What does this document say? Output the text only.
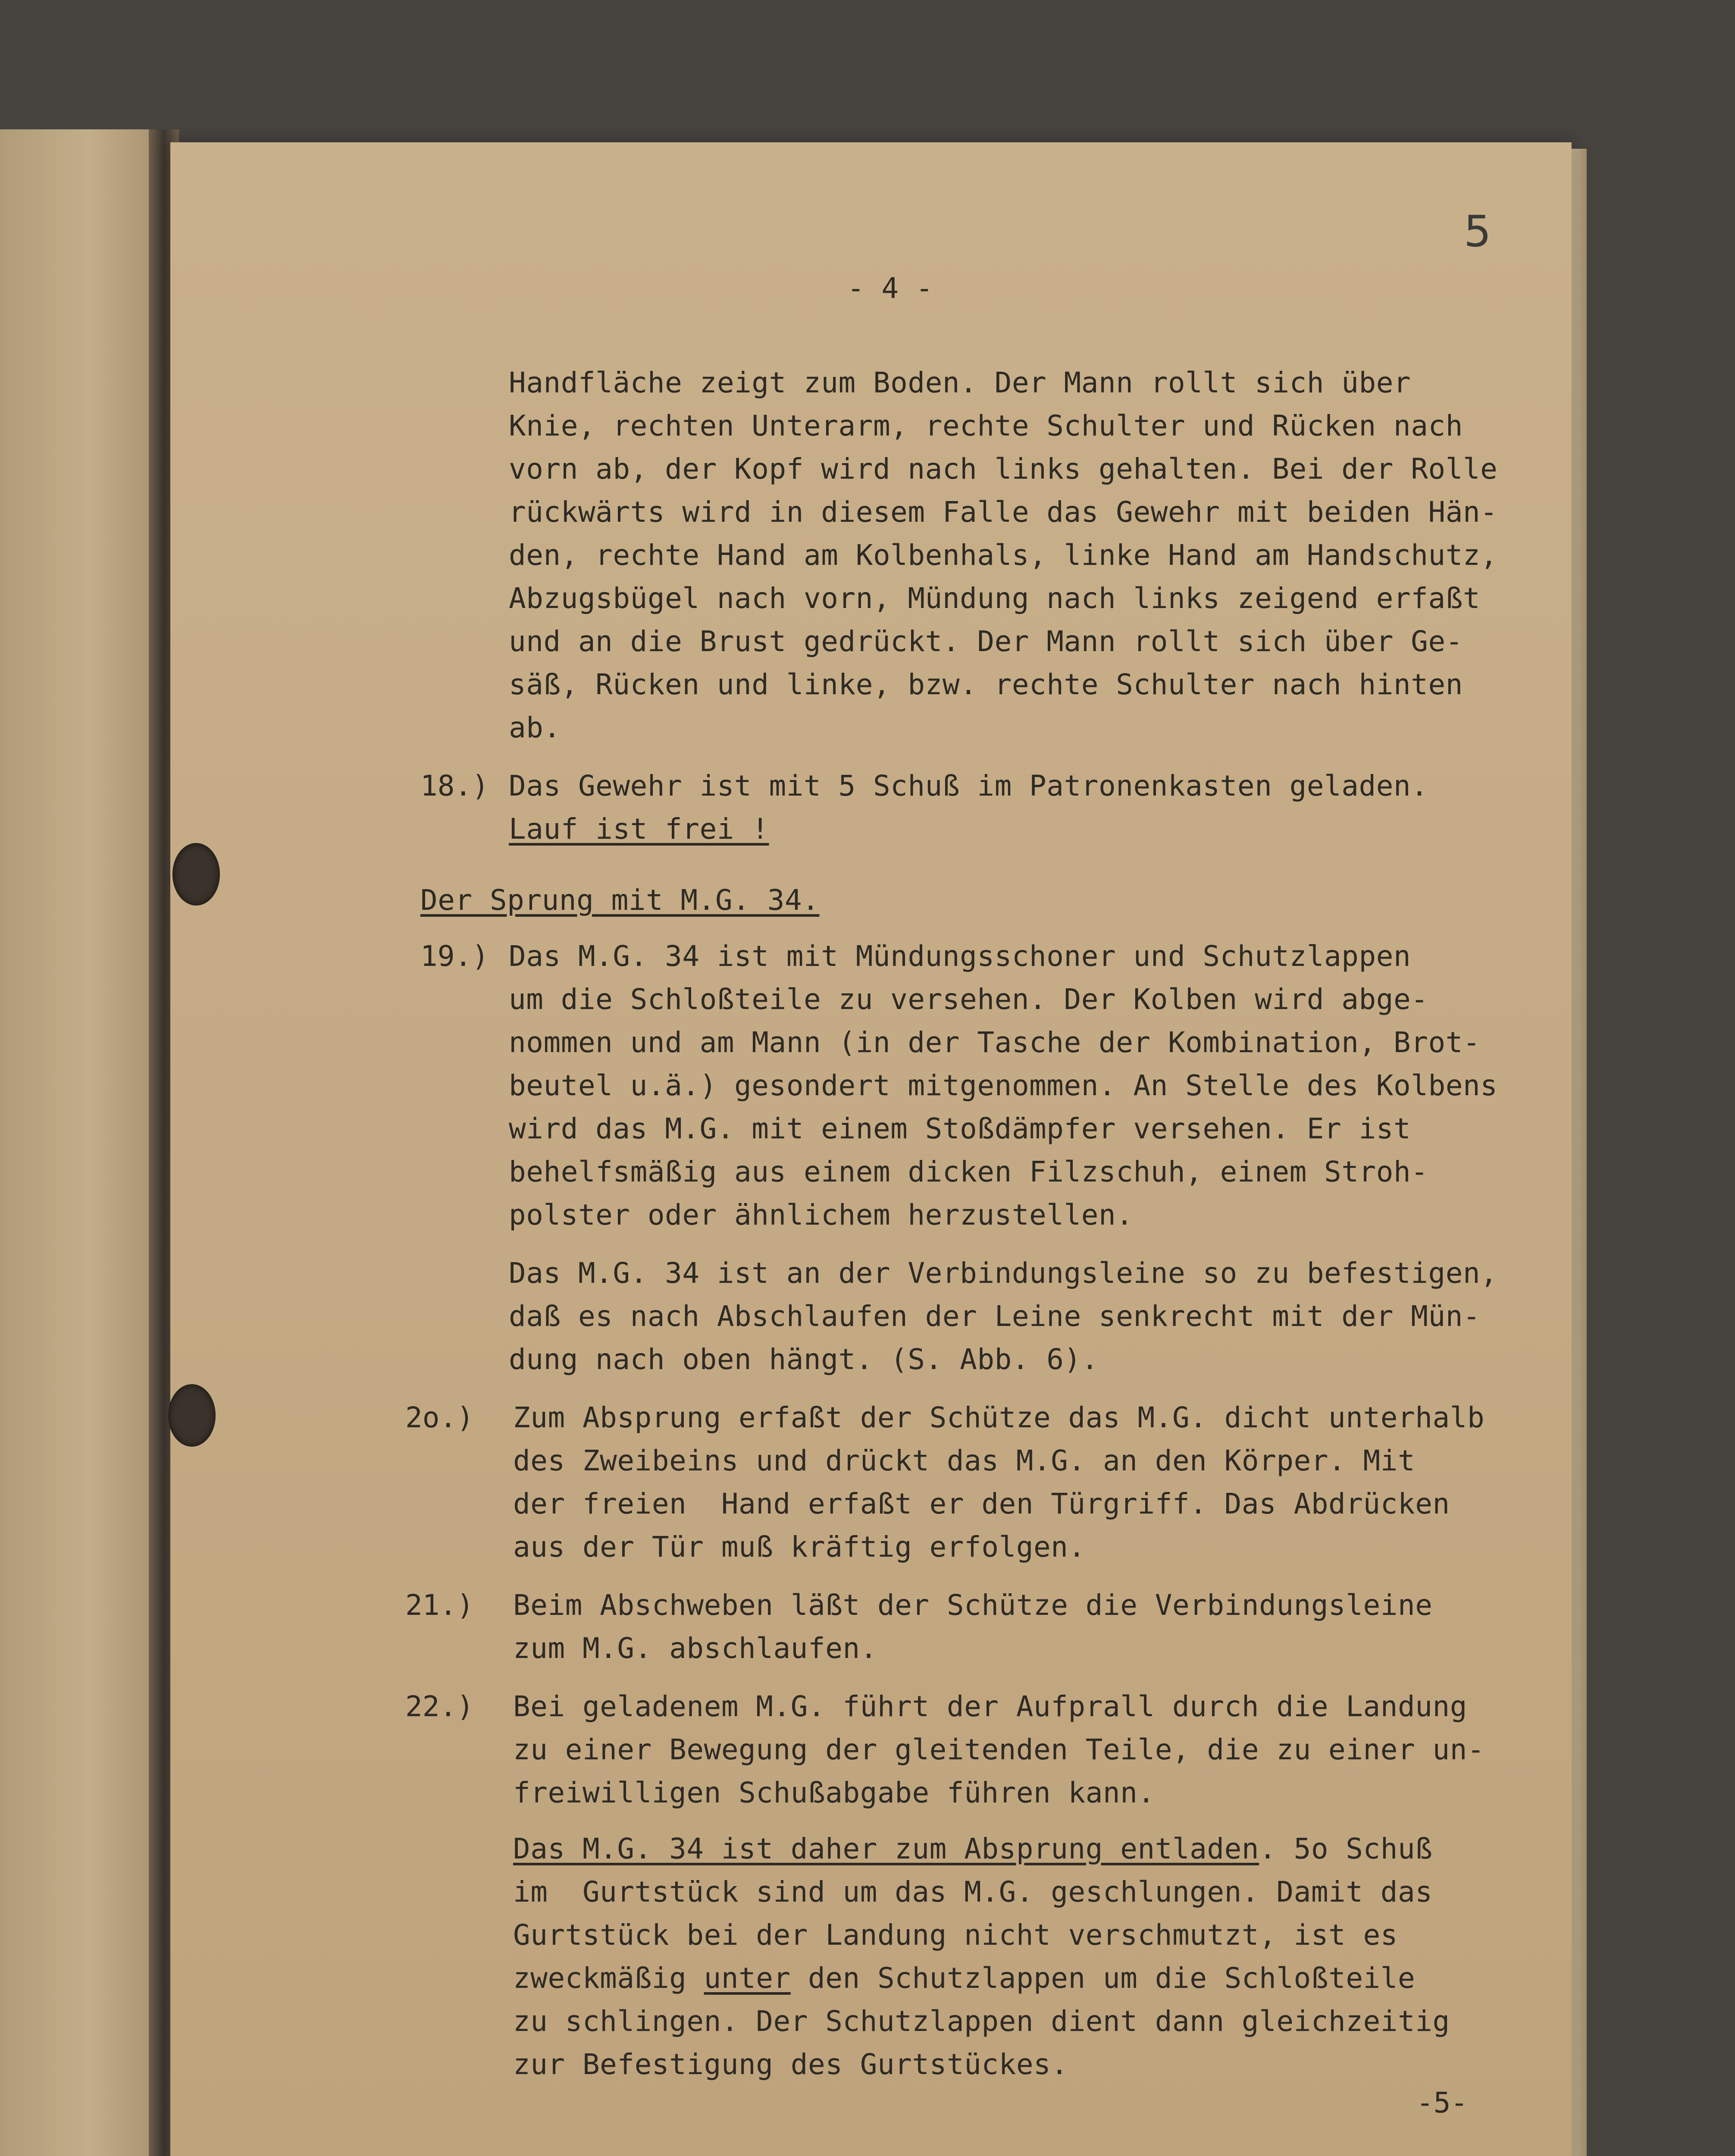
5
- 4 -
Handfläche zeigt zum Boden. Der Mann rollt sich über
Knie, rechten Unterarm, rechte Schulter und Rücken nach
vorn ab, der Kopf wird nach links gehalten. Bei der Rolle
rückwärts wird in diesem Falle das Gewehr mit beiden Hän-
den, rechte Hand am Kolbenhals, linke Hand am Handschutz,
Abzugsbügel nach vorn, Mündung nach links zeigend erfaßt
und an die Brust gedrückt. Der Mann rollt sich über Ge-
säß, Rücken und linke, bzw. rechte Schulter nach hinten
ab.
18.) Das Gewehr ist mit 5 Schuß im Patronenkasten geladen.
Lauf ist frei !
Der Sprung mit M.G. 34.
19.) Das M.G. 34 ist mit Mündungsschoner und Schutzlappen
um die Schloßteile zu versehen. Der Kolben wird abge-
nommen und am Mann (in der Tasche der Kombination, Brot-
beutel u.ä.) gesondert mitgenommen. An Stelle des Kolbens
wird das M.G. mit einem Stoßdämpfer versehen. Er ist
behelfsmäßig aus einem dicken Filzschuh, einem Stroh-
polster oder ähnlichem herzustellen.
Das M.G. 34 ist an der Verbindungsleine so zu befestigen,
daß es nach Abschlaufen der Leine senkrecht mit der Mün-
dung nach oben hängt. (S. Abb. 6).
2o.) Zum Absprung erfaßt der Schütze das M.G. dicht unterhalb
des Zweibeins und drückt das M.G. an den Körper. Mit
der freien  Hand erfaßt er den Türgriff. Das Abdrücken
aus der Tür muß kräftig erfolgen.
21.) Beim Abschweben läßt der Schütze die Verbindungsleine
zum M.G. abschlaufen.
22.) Bei geladenem M.G. führt der Aufprall durch die Landung
zu einer Bewegung der gleitenden Teile, die zu einer un-
freiwilligen Schußabgabe führen kann.
Das M.G. 34 ist daher zum Absprung entladen. 5o Schuß
im  Gurtstück sind um das M.G. geschlungen. Damit das
Gurtstück bei der Landung nicht verschmutzt, ist es
zweckmäßig unter den Schutzlappen um die Schloßteile
zu schlingen. Der Schutzlappen dient dann gleichzeitig
zur Befestigung des Gurtstückes.
-5-
